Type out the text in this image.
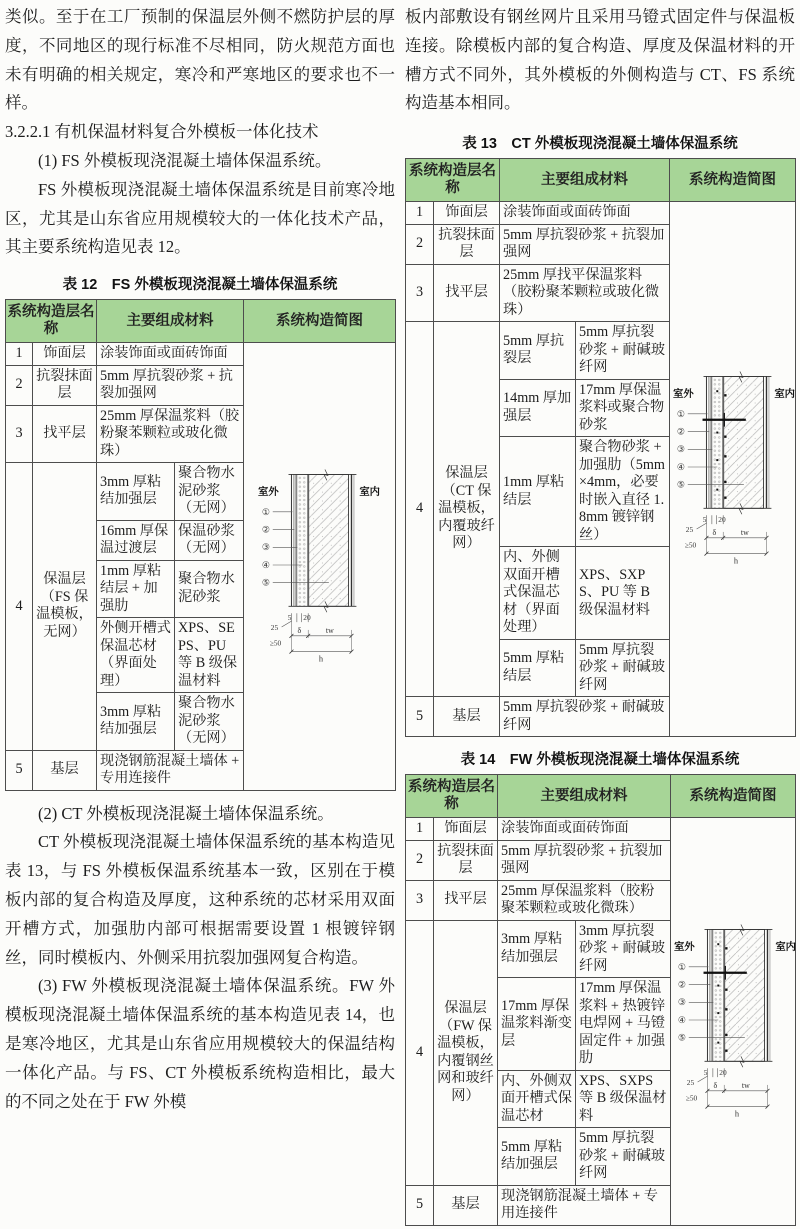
类似。至于在工厂预制的保温层外侧不燃防护层的厚度，不同地区的现行标准不尽相同，防火规范方面也未有明确的相关规定，寒冷和严寒地区的要求也不一样。

3.2.2.1 有机保温材料复合外模板一体化技术

(1) FS 外模板现浇混凝土墙体保温系统。

FS 外模板现浇混凝土墙体保温系统是目前寒冷地区，尤其是山东省应用规模较大的一体化技术产品，其主要系统构造见表 12。

表 12　FS 外模板现浇混凝土墙体保温系统
系统构造层名称		主要组成材料		系统构造简图
1	饰面层	涂装饰面或面砖饰面	
室外	室内
①
②
③
④
⑤
5 20
25 δ	tw
≥50
h

2	抗裂抹面层	5mm 厚抗裂砂浆 + 抗裂加强网		
3	找平层	25mm 厚保温浆料（胶粉聚苯颗粒或玻化微珠）		
4	保温层（FS 保温模板，无网）	3mm 厚粘结加强层	聚合物水泥砂浆（无网）	
		16mm 厚保温过渡层	保温砂浆（无网）	
		1mm 厚粘结层 + 加强肋	聚合物水泥砂浆	
		外侧开槽式保温芯材（界面处理）	XPS、SEPS、PU 等 B 级保温材料	
		3mm 厚粘结加强层	聚合物水泥砂浆（无网）	
5	基层	现浇钢筋混凝土墙体 + 专用连接件		

(2) CT 外模板现浇混凝土墙体保温系统。

CT 外模板现浇混凝土墙体保温系统的基本构造见表 13，与 FS 外模板保温系统基本一致，区别在于模板内部的复合构造及厚度，这种系统的芯材采用双面开槽方式，加强肋内部可根据需要设置 1 根镀锌钢丝，同时模板内、外侧采用抗裂加强网复合构造。

(3) FW 外模板现浇混凝土墙体保温系统。FW 外模板现浇混凝土墙体保温系统的基本构造见表 14，也是寒冷地区，尤其是山东省应用规模较大的保温结构一体化产品。与 FS、CT 外模板系统构造相比，最大的不同之处在于 FW 外模

板内部敷设有钢丝网片且采用马镫式固定件与保温板连接。除模板内部的复合构造、厚度及保温材料的开槽方式不同外，其外模板的外侧构造与 CT、FS 系统构造基本相同。

表 13　CT 外模板现浇混凝土墙体保温系统
系统构造层名称		主要组成材料		系统构造简图
1	饰面层	涂装饰面或面砖饰面	
室外	室内
①
②
③
④
⑤
5 20
25 δ	tw
≥50
h

2	抗裂抹面层	5mm 厚抗裂砂浆 + 抗裂加强网		
3	找平层	25mm 厚找平保温浆料（胶粉聚苯颗粒或玻化微珠）		
4	保温层（CT 保温模板，内覆玻纤网）	5mm 厚抗裂层	5mm 厚抗裂砂浆 + 耐碱玻纤网	
		14mm 厚加强层	17mm 厚保温浆料或聚合物砂浆	
		1mm 厚粘结层	聚合物砂浆 + 加强肋（5mm×4mm，必要时嵌入直径 1.8mm 镀锌钢丝）	
		内、外侧双面开槽式保温芯材（界面处理）	XPS、SXPS、PU 等 B 级保温材料	
		5mm 厚粘结层	5mm 厚抗裂砂浆 + 耐碱玻纤网	
5	基层	5mm 厚抗裂砂浆 + 耐碱玻纤网		
表 14　FW 外模板现浇混凝土墙体保温系统
系统构造层名称		主要组成材料		系统构造简图
1	饰面层	涂装饰面或面砖饰面	
室外	室内
①
②
③
④
⑤
5 20
25 δ	tw
≥50
h

2	抗裂抹面层	5mm 厚抗裂砂浆 + 抗裂加强网		
3	找平层	25mm 厚保温浆料（胶粉聚苯颗粒或玻化微珠）		
4	保温层（FW 保温模板，内覆钢丝网和玻纤网）	3mm 厚粘结加强层	3mm 厚抗裂砂浆 + 耐碱玻纤网	
		17mm 厚保温浆料渐变层	17mm 厚保温浆料 + 热镀锌电焊网 + 马镫固定件 + 加强肋	
		内、外侧双面开槽式保温芯材	XPS、SXPS 等 B 级保温材料	
		5mm 厚粘结加强层	5mm 厚抗裂砂浆 + 耐碱玻纤网	
5	基层	现浇钢筋混凝土墙体 + 专用连接件		
